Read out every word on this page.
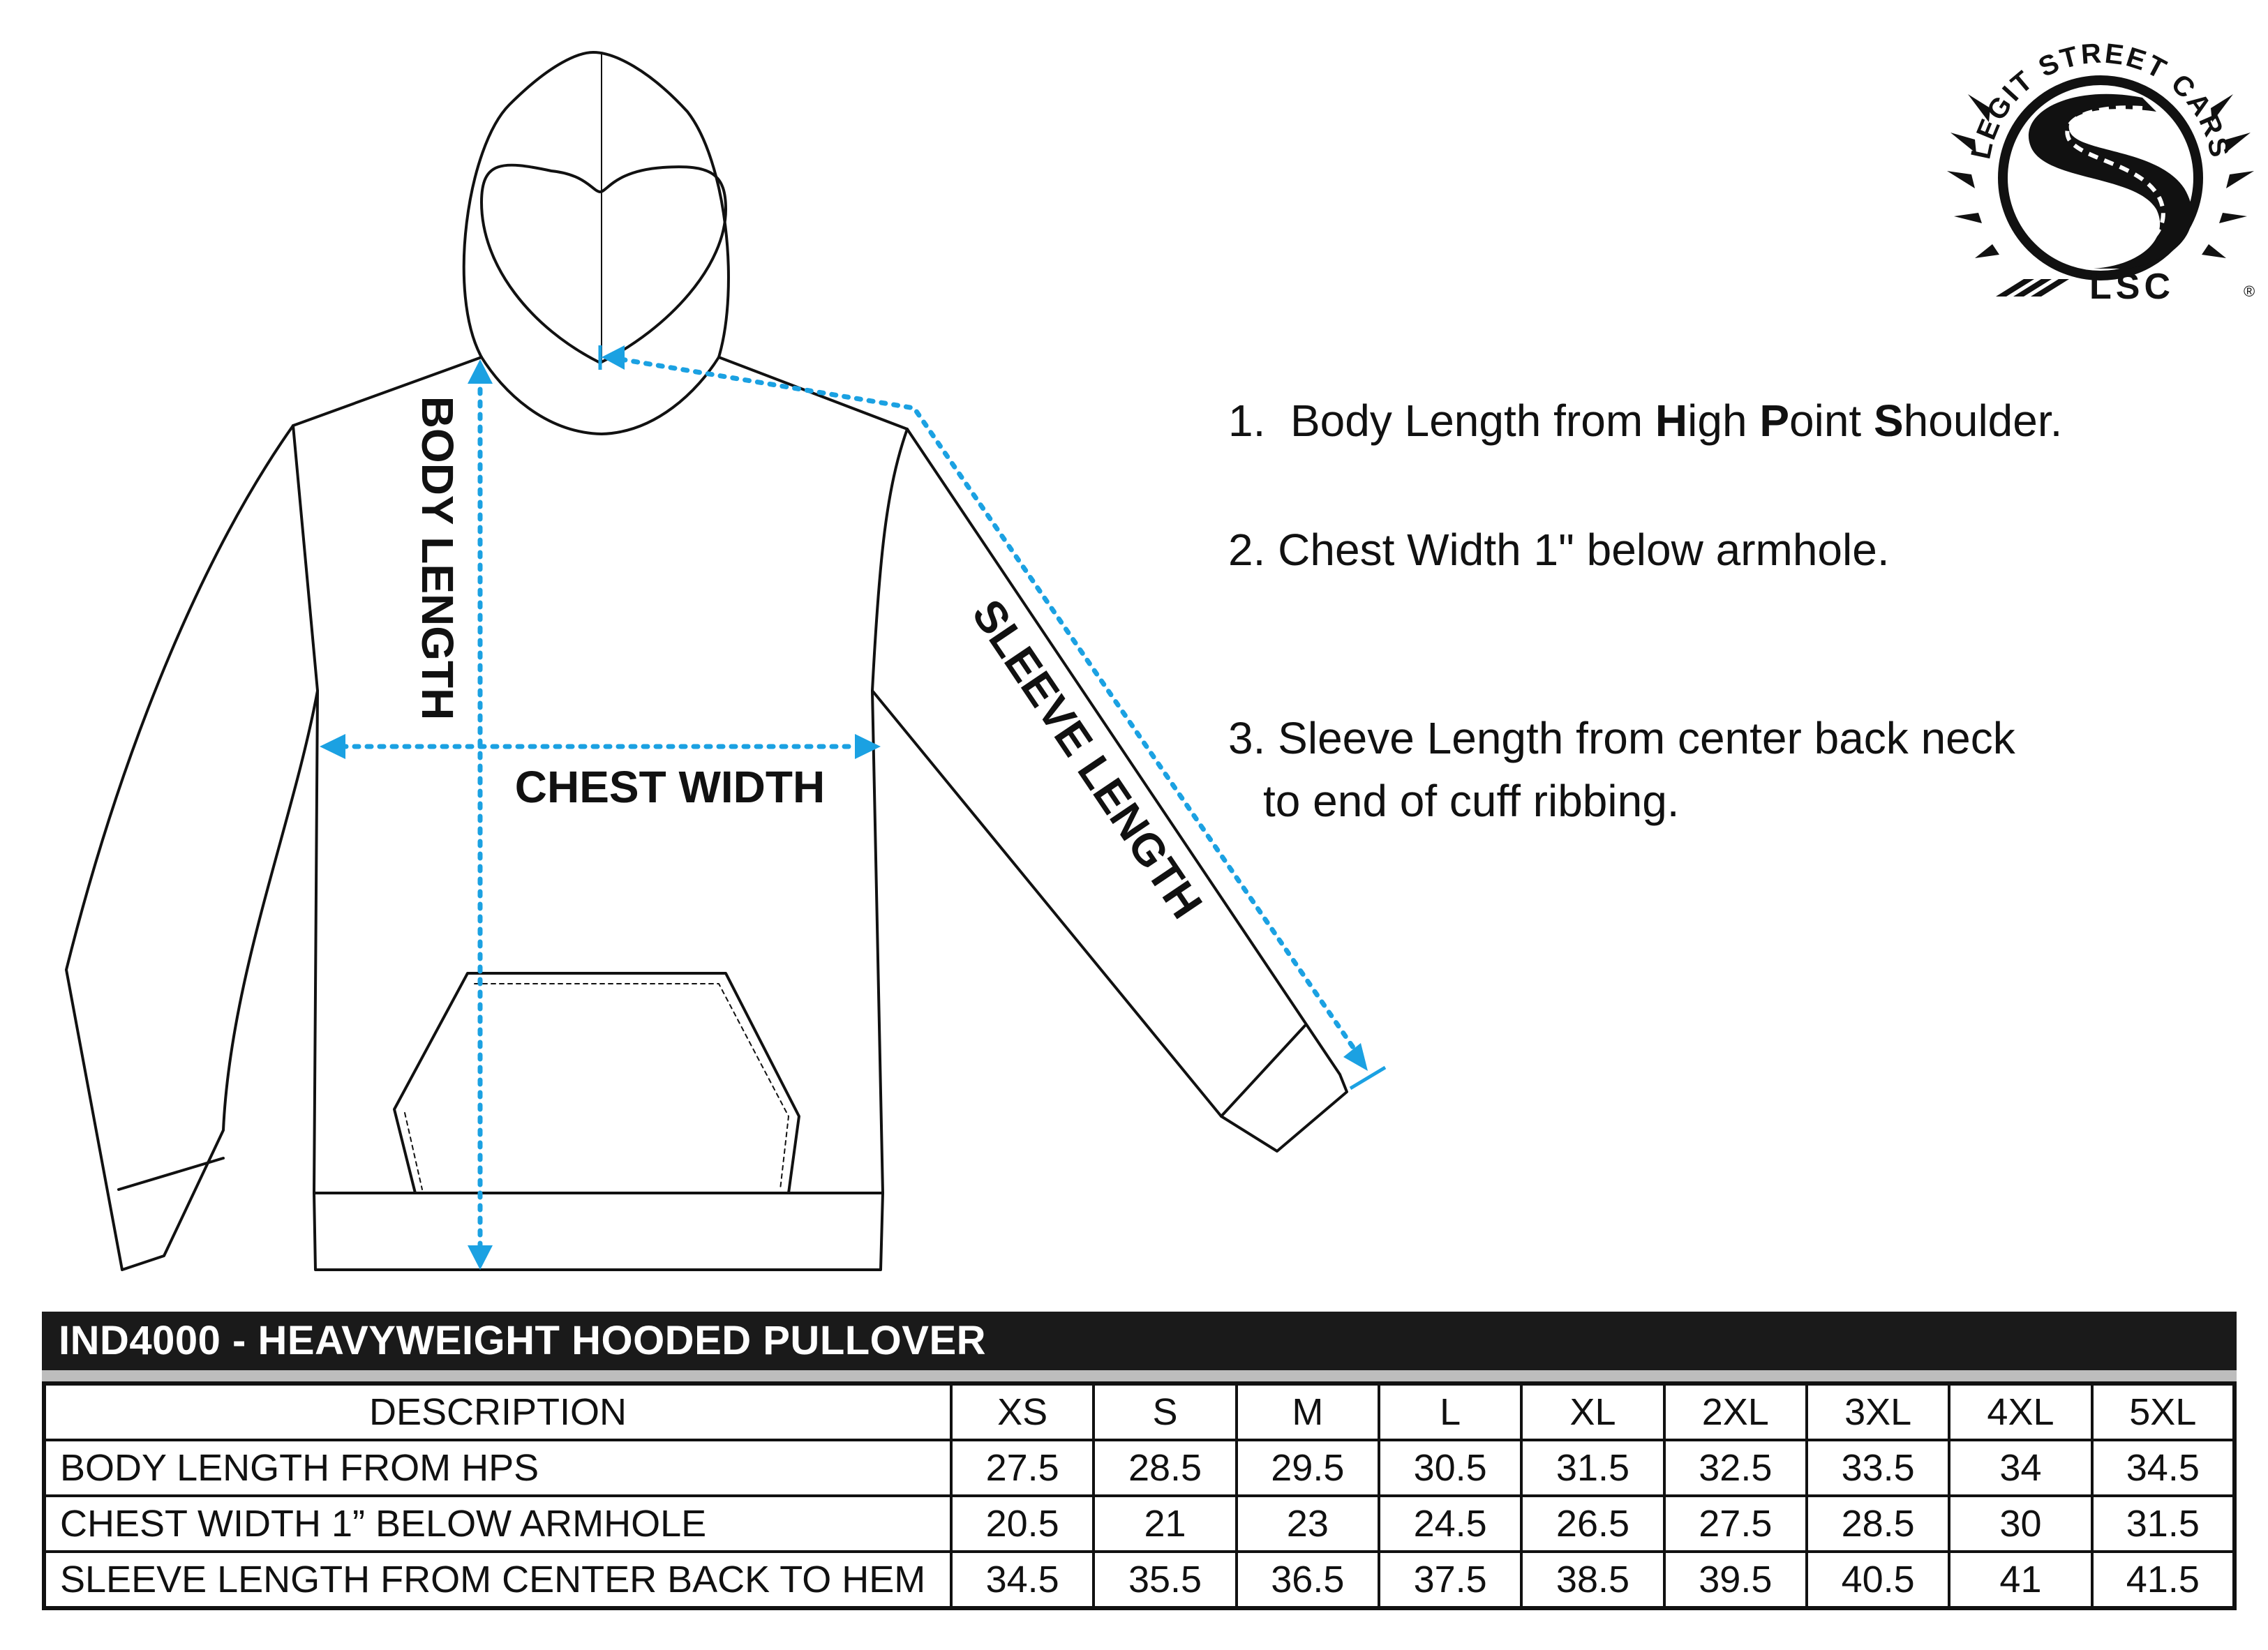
BODY LENGTH
CHEST WIDTH	SLEEVE LENGTH

1.  Body Length from High Point Shoulder.

2. Chest Width 1" below armhole.

3. Sleeve Length from center back neck

to end of cuff ribbing.

LEGIT STREET CARS
LSC	®
IND4000 - HEAVYWEIGHT HOODED PULLOVER
DESCRIPTION	XS	S	M	L	XL	2XL	3XL	4XL	5XL
BODY LENGTH FROM HPS	27.5	28.5	29.5	30.5	31.5	32.5	33.5	34	34.5
CHEST WIDTH 1” BELOW ARMHOLE	20.5	21	23	24.5	26.5	27.5	28.5	30	31.5
SLEEVE LENGTH FROM CENTER BACK TO HEM	34.5	35.5	36.5	37.5	38.5	39.5	40.5	41	41.5
